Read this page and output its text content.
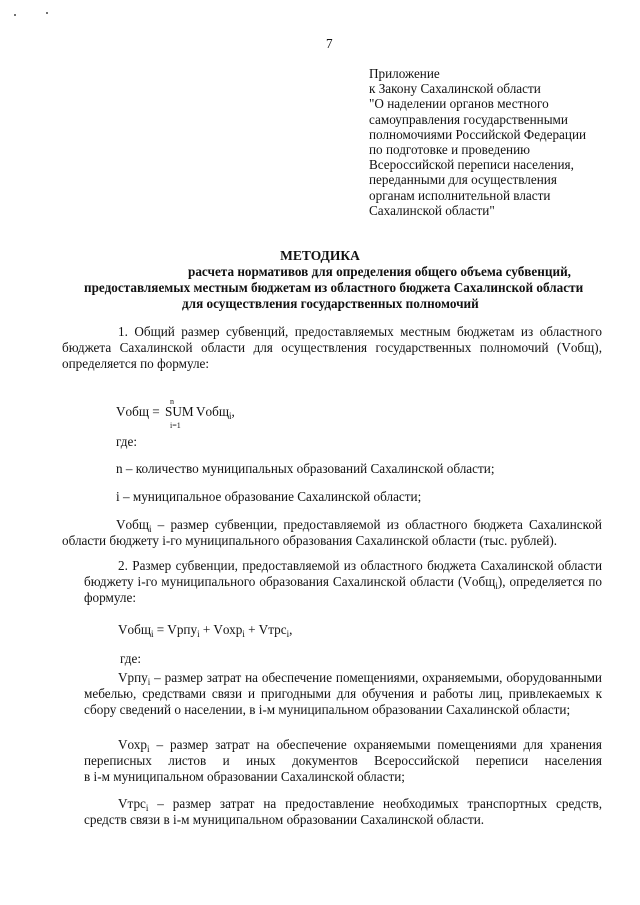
7
Приложение
к Закону Сахалинской области
"О наделении органов местного
самоуправления государственными
полномочиями Российской Федерации
по подготовке и проведению
Всероссийской переписи населения,
переданными для осуществления
органам исполнительной власти
Сахалинской области"
МЕТОДИКА
расчета нормативов для определения общего объема субвенций,
предоставляемых местным бюджетам из областного бюджета Сахалинской области
для осуществления государственных полномочий
1. Общий размер субвенций, предоставляемых местным бюджетам из областного
бюджета Сахалинской области для осуществления государственных полномочий (Vобщ),
определяется по формуле:
Vобщ =
n
SUM
i=1
Vобщ$_i$,
где:
n – количество муниципальных образований Сахалинской области;
i – муниципальное образование Сахалинской области;
Vобщ$_i$ – размер субвенции, предоставляемой из областного бюджета Сахалинской
области бюджету i-го муниципального образования Сахалинской области (тыс. рублей).
2. Размер субвенции, предоставляемой из областного бюджета Сахалинской области
бюджету i-го муниципального образования Сахалинской области (Vобщ$_i$), определяется по
формуле:
Vобщ$_i$ = Vрпу$_i$ + Vохр$_i$ + Vтрс$_i$,
где:
Vрпу$_i$ – размер затрат на обеспечение помещениями, охраняемыми, оборудованными
мебелью, средствами связи и пригодными для обучения и работы лиц, привлекаемых к
сбору сведений о населении, в i-м муниципальном образовании Сахалинской области;
Vохр$_i$ – размер затрат на обеспечение охраняемыми помещениями для хранения
переписных листов и иных документов Всероссийской переписи населения
в i-м муниципальном образовании Сахалинской области;
Vтрс$_i$ – размер затрат на предоставление необходимых транспортных средств,
средств связи в i-м муниципальном образовании Сахалинской области.
